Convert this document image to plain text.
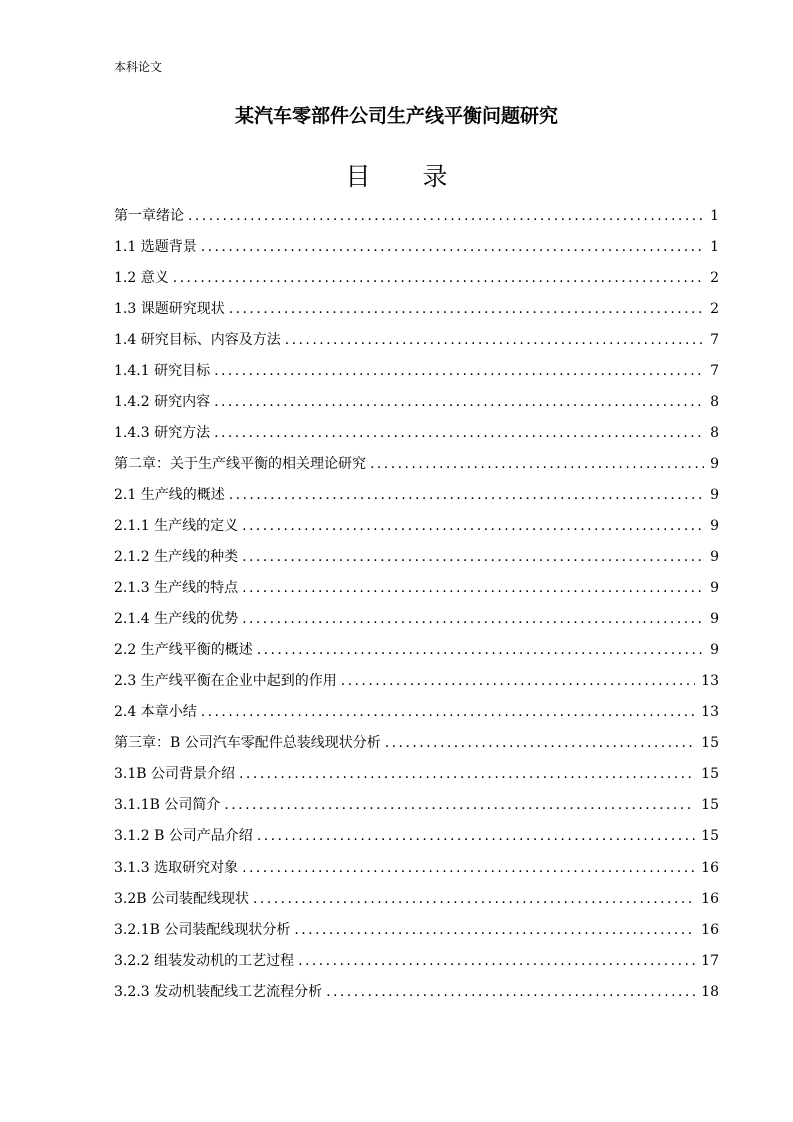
本科论文
某汽车零部件公司生产线平衡问题研究
目 录
第一章绪论 . . .	1
1.1 选题背景 . . .	1
1.2 意义 . . .	2
1.3 课题研究现状 . . .	2
1.4 研究目标、内容及方法 . . .	7
1.4.1 研究目标 . . .	7
1.4.2 研究内容 . . .	8
1.4.3 研究方法 . . .	8
第二章：关于生产线平衡的相关理论研究 . . .	9
2.1 生产线的概述 . . .	9
2.1.1 生产线的定义 . . .	9
2.1.2 生产线的种类 . . .	9
2.1.3 生产线的特点 . . .	9
2.1.4 生产线的优势 . . .	9
2.2 生产线平衡的概述 . . .	9
2.3 生产线平衡在企业中起到的作用 . . .	13
2.4 本章小结 . . .	13
第三章：B 公司汽车零配件总装线现状分析 . . .	15
3.1B 公司背景介绍 . . .	15
3.1.1B 公司简介 . . .	15
3.1.2 B 公司产品介绍 . . .	15
3.1.3 选取研究对象 . . .	16
3.2B 公司装配线现状 . . .	16
3.2.1B 公司装配线现状分析 . . .	16
3.2.2 组装发动机的工艺过程 . . .	17
3.2.3 发动机装配线工艺流程分析 . . .	18
